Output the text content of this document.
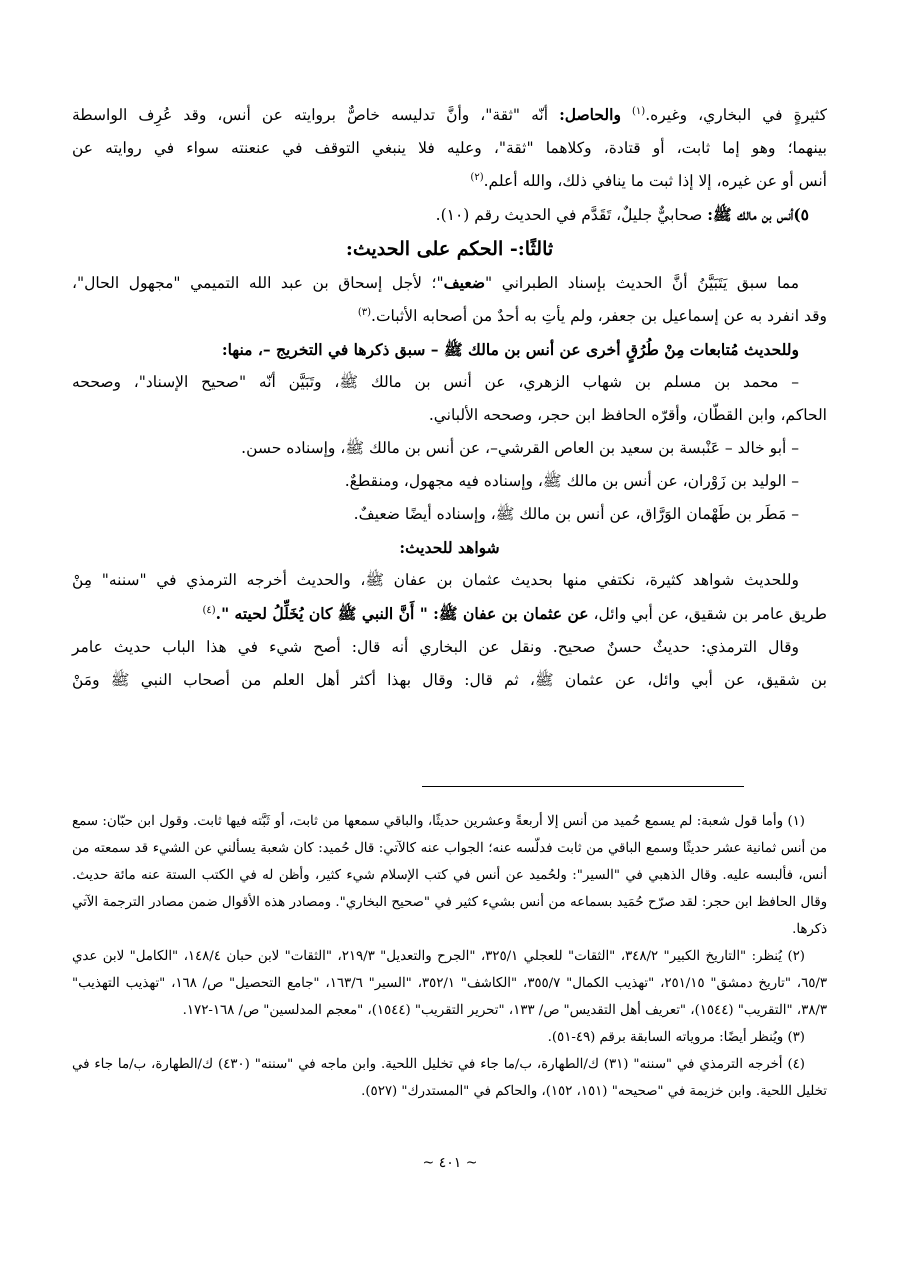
كثيرةٍ في البخاري، وغيره.$^{(١)}$ والحاصل: أنّه "ثقة"، وأنَّ تدليسه خاصٌّ بروايته عن أنس، وقد عُرِف الواسطة

بينهما؛ وهو إما ثابت، أو قتادة، وكلاهما "ثقة"، وعليه فلا ينبغي التوقف في عنعنته سواء في روايته عن

أنس أو عن غيره، إلا إذا ثبت ما ينافي ذلك، والله أعلم.$^{(٢)}$

٥)أنس بن مالك ﷺ: صحابيٌّ جليلٌ، تَقَدَّم في الحديث رقم (١٠).

ثالثًا:- الحكم على الحديث:

مما سبق يَتَبَيَّنُ أنَّ الحديث بإسناد الطبراني "ضعيف"؛ لأجل إسحاق بن عبد الله التميمي "مجهول الحال"،

وقد انفرد به عن إسماعيل بن جعفر، ولم يأتِ به أحدٌ من أصحابه الأثبات.$^{(٣)}$

وللحديث مُتابعات مِنْ طُرُقٍ أخرى عن أنس بن مالك ﷺ – سبق ذكرها في التخريج –، منها:

– محمد بن مسلم بن شهاب الزهري، عن أنس بن مالك ﷺ، وتَبَيَّن أنّه "صحيح الإسناد"، وصححه

الحاكم، وابن القطّان، وأقرّه الحافظ ابن حجر، وصححه الألباني.

– أبو خالد – عَنْبسة بن سعيد بن العاص القرشي–، عن أنس بن مالك ﷺ، وإسناده حسن.

– الوليد بن زَوْران، عن أنس بن مالك ﷺ، وإسناده فيه مجهول، ومنقطعٌ.

– مَطَر بن طَهْمان الوَرَّاق، عن أنس بن مالك ﷺ، وإسناده أيضًا ضعيفٌ.

شواهد للحديث:

وللحديث شواهد كثيرة، نكتفي منها بحديث عثمان بن عفان ﷺ، والحديث أخرجه الترمذي في "سننه" مِنْ

طريق عامر بن شقيق، عن أبي وائل، عن عثمان بن عفان ﷺ: " أَنَّ النبي ﷺ كان يُخَلِّلُ لحيته ".$^{(٤)}$

وقال الترمذي: حديثٌ حسنٌ صحيح. ونقل عن البخاري أنه قال: أصح شيء في هذا الباب حديث عامر

بن شقيق، عن أبي وائل، عن عثمان ﷺ، ثم قال: وقال بهذا أكثر أهل العلم من أصحاب النبي ﷺ ومَنْ

(١) وأما قول شعبة: لم يسمع حُميد من أنس إلا أربعةً وعشرين حديثًا، والباقي سمعها من ثابت، أو ثَبَّته فيها ثابت. وقول ابن حبّان: سمع من أنس ثمانية عشر حديثًا وسمع الباقي من ثابت فدلّسه عنه؛ الجواب عنه كالآتي: قال حُميد: كان شعبة يسألني عن الشيء قد سمعته من أنس، فألبسه عليه. وقال الذهبي في "السير": ولحُميد عن أنس في كتب الإسلام شيء كثير، وأظن له في الكتب الستة عنه مائة حديث. وقال الحافظ ابن حجر: لقد صرّح حُمَيد بسماعه من أنس بشيء كثير في "صحيح البخاري". ومصادر هذه الأقوال ضمن مصادر الترجمة الآتي ذكرها.

(٢) يُنظر: "التاريخ الكبير" ٣٤٨/٢، "الثقات" للعجلي ٣٢٥/١، "الجرح والتعديل" ٢١٩/٣، "الثقات" لابن حبان ١٤٨/٤، "الكامل" لابن عدي ٦٥/٣، "تاريخ دمشق" ٢٥١/١٥، "تهذيب الكمال" ٣٥٥/٧، "الكاشف" ٣٥٢/١، "السير" ١٦٣/٦، "جامع التحصيل" ص/ ١٦٨، "تهذيب التهذيب" ٣٨/٣، "التقريب" (١٥٤٤)، "تعريف أهل التقديس" ص/ ١٣٣، "تحرير التقريب" (١٥٤٤)، "معجم المدلسين" ص/ ١٦٨-١٧٢.

(٣) ويُنظر أيضًا: مروياته السابقة برقم (٤٩-٥١).

(٤) أخرجه الترمذي في "سننه" (٣١) ك/الطهارة، ب/ما جاء في تخليل اللحية. وابن ماجه في "سننه" (٤٣٠) ك/الطهارة، ب/ما جاء في تخليل اللحية. وابن خزيمة في "صحيحه" (١٥١، ١٥٢)، والحاكم في "المستدرك" (٥٢٧).

~ ٤٠١ ~
